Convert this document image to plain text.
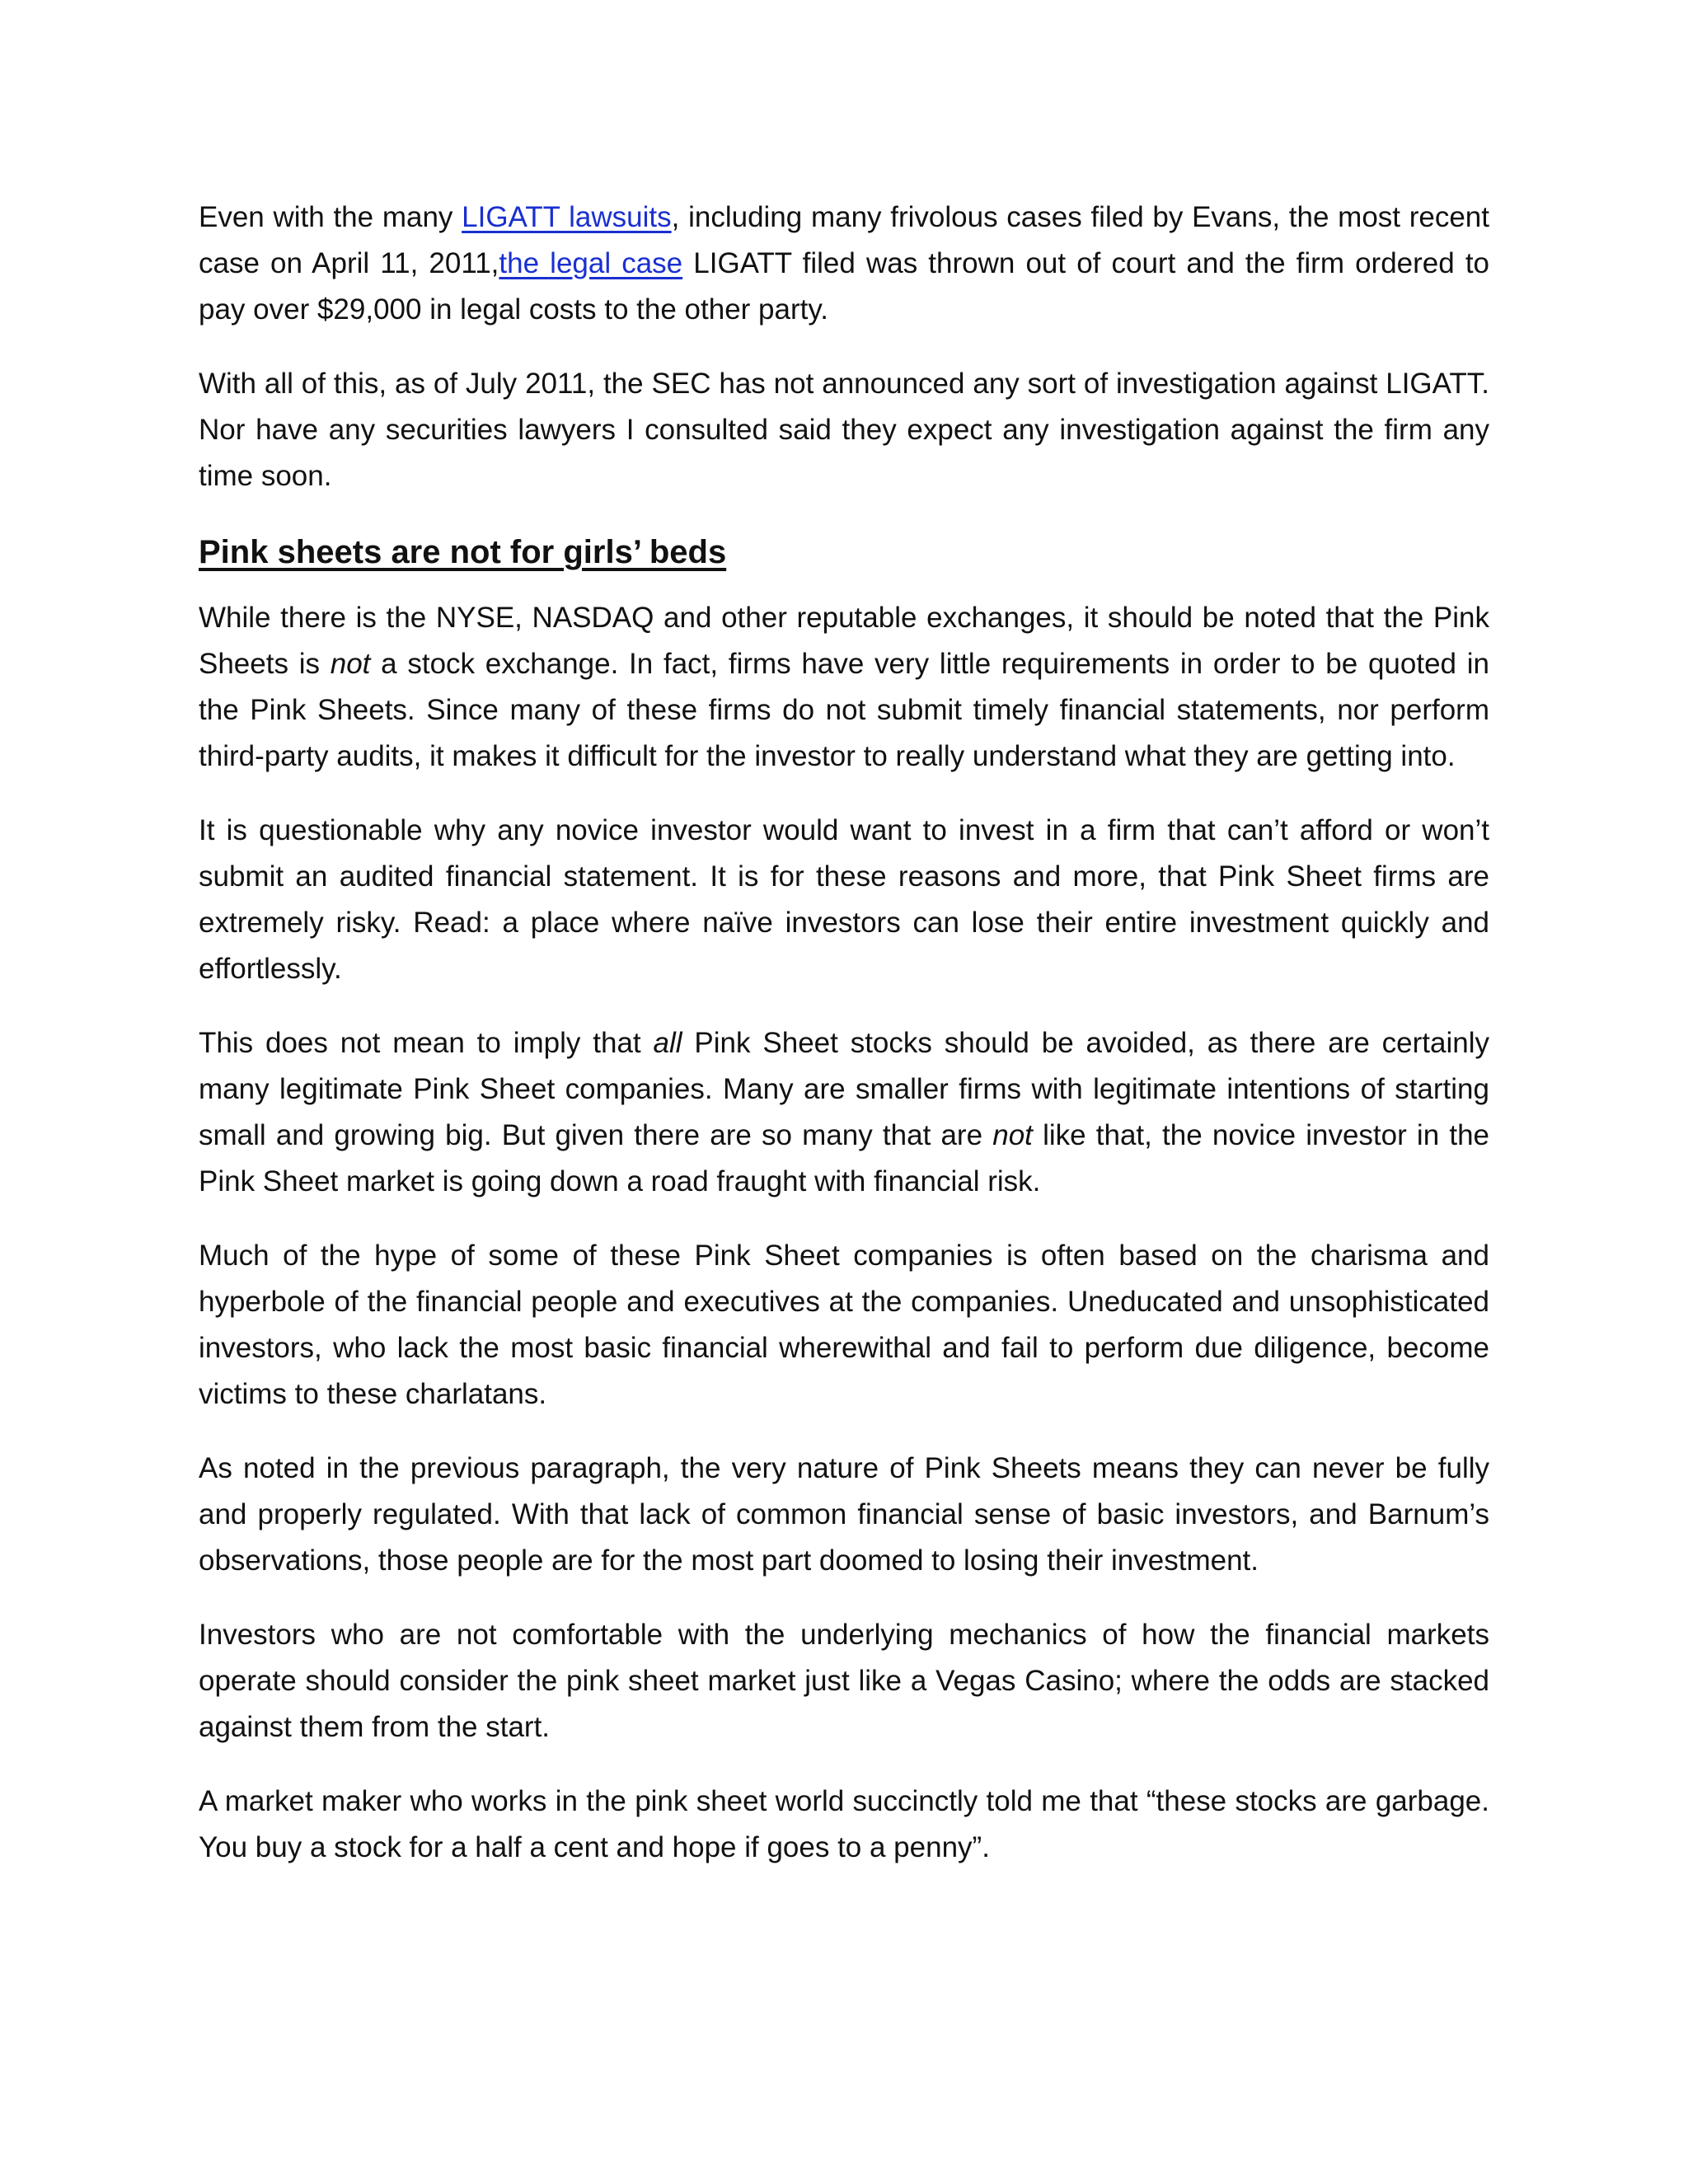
Even with the many LIGATT lawsuits, including many frivolous cases filed by Evans, the most recent case on April 11, 2011,the legal case LIGATT filed was thrown out of court and the firm ordered to pay over $29,000 in legal costs to the other party.

With all of this, as of July 2011, the SEC has not announced any sort of investigation against LIGATT. Nor have any securities lawyers I consulted said they expect any investigation against the firm any time soon.

Pink sheets are not for girls’ beds

While there is the NYSE, NASDAQ and other reputable exchanges, it should be noted that the Pink Sheets is not a stock exchange. In fact, firms have very little requirements in order to be quoted in the Pink Sheets. Since many of these firms do not submit timely financial statements, nor perform third-party audits, it makes it difficult for the investor to really understand what they are getting into.

It is questionable why any novice investor would want to invest in a firm that can’t afford or won’t submit an audited financial statement. It is for these reasons and more, that Pink Sheet firms are extremely risky. Read: a place where naïve investors can lose their entire investment quickly and effortlessly.

This does not mean to imply that all Pink Sheet stocks should be avoided, as there are certainly many legitimate Pink Sheet companies. Many are smaller firms with legitimate intentions of starting small and growing big. But given there are so many that are not like that, the novice investor in the Pink Sheet market is going down a road fraught with financial risk.

Much of the hype of some of these Pink Sheet companies is often based on the charisma and hyperbole of the financial people and executives at the companies. Uneducated and unsophisticated investors, who lack the most basic financial wherewithal and fail to perform due diligence, become victims to these charlatans.

As noted in the previous paragraph, the very nature of Pink Sheets means they can never be fully and properly regulated. With that lack of common financial sense of basic investors, and Barnum’s observations, those people are for the most part doomed to losing their investment.

Investors who are not comfortable with the underlying mechanics of how the financial markets operate should consider the pink sheet market just like a Vegas Casino; where the odds are stacked against them from the start.

A market maker who works in the pink sheet world succinctly told me that “these stocks are garbage. You buy a stock for a half a cent and hope if goes to a penny”.
